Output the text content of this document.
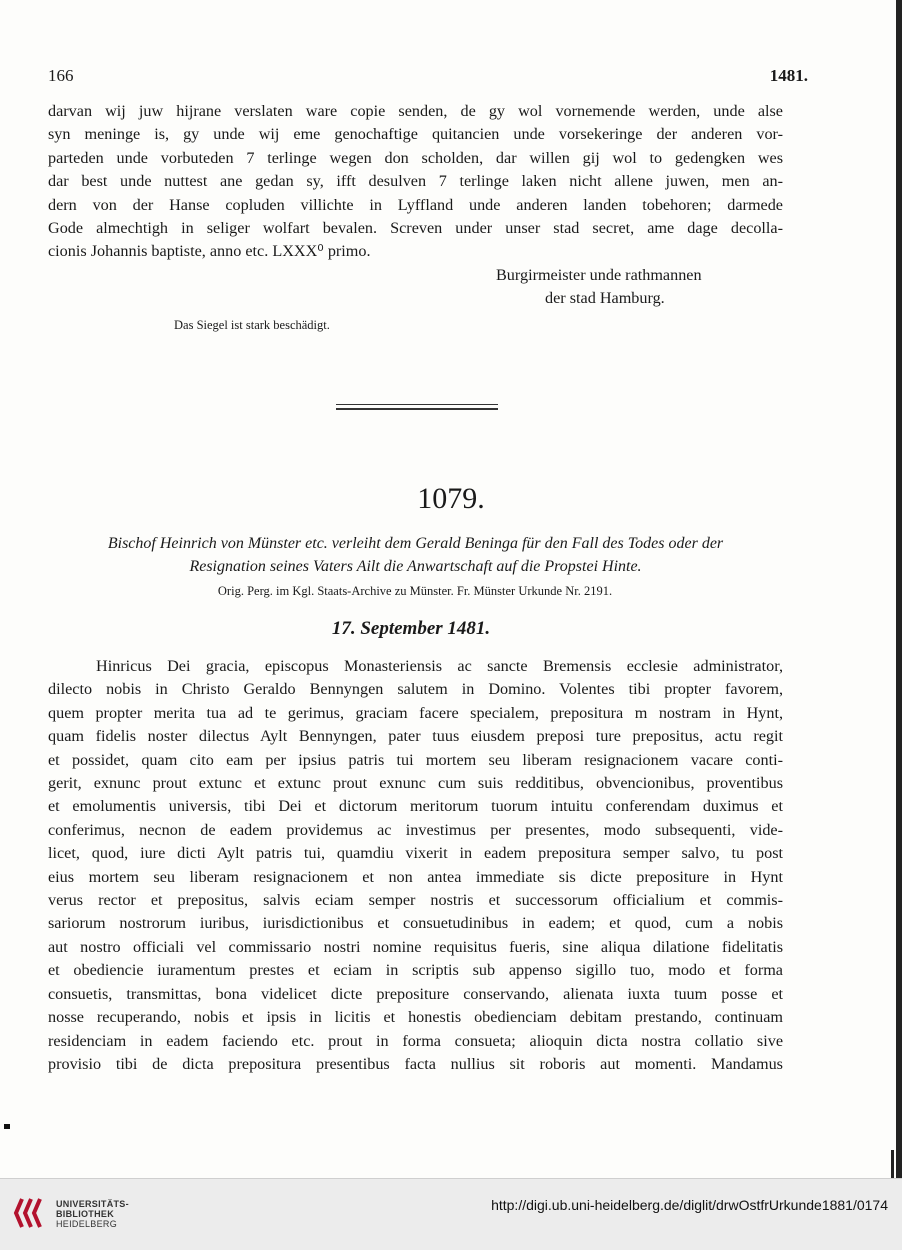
166	1481.
darvan wij juw hijrane verslaten ware copie senden, de gy wol vornemende werden, unde alse
syn meninge is, gy unde wij eme genochaftige quitancien unde vorsekeringe der anderen vor-
parteden unde vorbuteden 7 terlinge wegen don scholden, dar willen gij wol to gedengken wes
dar best unde nuttest ane gedan sy, ifft desulven 7 terlinge laken nicht allene juwen, men an-
dern von der Hanse copluden villichte in Lyffland unde anderen landen tobehoren; darmede
Gode almechtigh in seliger wolfart bevalen. Screven under unser stad secret, ame dage decolla-
cionis Johannis baptiste, anno etc. LXXX⁰ primo.
Burgirmeister unde rathmannen
der stad Hamburg.
Das Siegel ist stark beschädigt.
1079.
Bischof Heinrich von Münster etc. verleiht dem Gerald Beninga für den Fall des Todes oder der
Resignation seines Vaters Ailt die Anwartschaft auf die Propstei Hinte.
Orig. Perg. im Kgl. Staats-Archive zu Münster. Fr. Münster Urkunde Nr. 2191.
17. September 1481.
Hinricus Dei gracia, episcopus Monasteriensis ac sancte Bremensis ecclesie administrator,
dilecto nobis in Christo Geraldo Bennyngen salutem in Domino. Volentes tibi propter favorem,
quem propter merita tua ad te gerimus, graciam facere specialem, prepositura m nostram in Hynt,
quam fidelis noster dilectus Aylt Bennyngen, pater tuus eiusdem preposi ture prepositus, actu regit
et possidet, quam cito eam per ipsius patris tui mortem seu liberam resignacionem vacare conti-
gerit, exnunc prout extunc et extunc prout exnunc cum suis redditibus, obvencionibus, proventibus
et emolumentis universis, tibi Dei et dictorum meritorum tuorum intuitu conferendam duximus et
conferimus, necnon de eadem providemus ac investimus per presentes, modo subsequenti, vide-
licet, quod, iure dicti Aylt patris tui, quamdiu vixerit in eadem prepositura semper salvo, tu post
eius mortem seu liberam resignacionem et non antea immediate sis dicte prepositure in Hynt
verus rector et prepositus, salvis eciam semper nostris et successorum officialium et commis-
sariorum nostrorum iuribus, iurisdictionibus et consuetudinibus in eadem; et quod, cum a nobis
aut nostro officiali vel commissario nostri nomine requisitus fueris, sine aliqua dilatione fidelitatis
et obediencie iuramentum prestes et eciam in scriptis sub appenso sigillo tuo, modo et forma
consuetis, transmittas, bona videlicet dicte prepositure conservando, alienata iuxta tuum posse et
nosse recuperando, nobis et ipsis in licitis et honestis obedienciam debitam prestando, continuam
residenciam in eadem faciendo etc. prout in forma consueta; alioquin dicta nostra collatio sive
provisio tibi de dicta prepositura presentibus facta nullius sit roboris aut momenti. Mandamus
UNIVERSITÄTS-
BIBLIOTHEK
HEIDELBERG
http://digi.ub.uni-heidelberg.de/diglit/drwOstfrUrkunde1881/0174
